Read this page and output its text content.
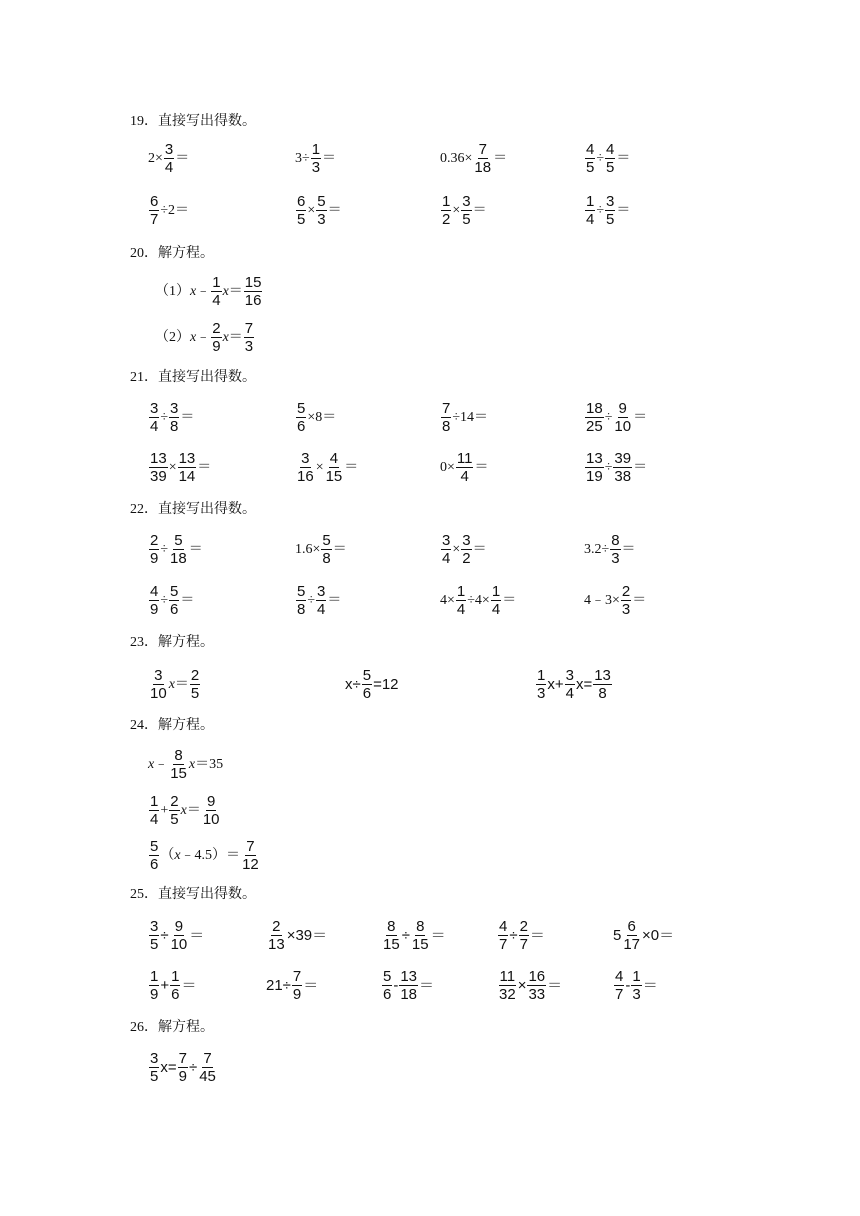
19．直接写出得数。
$2\times \frac{3}{4}$ ＝	$3\div \frac{1}{3}$ ＝	$0.36\times \frac{7}{18}$ ＝	$\frac{4}{5} \div \frac{4}{5}$ ＝
$\frac{6}{7} \div 2=$	$\frac{6}{5} \times \frac{5}{3}$ ＝	$\frac{1}{2} \times \frac{3}{5}$ ＝	$\frac{1}{4} \div \frac{3}{5}$ ＝
20．解方程。
（1） x ﹣ $\frac{1}{4}$ $x = \frac{15}{16}$
（2） x ﹣ $\frac{2}{9}$ $x = \frac{7}{3}$
21．直接写出得数。
$\frac{3}{4} \div \frac{3}{8}$ ＝	$\frac{5}{6} \times 8=$	$\frac{7}{8} \div 14=$	$\frac{18}{25} \div \frac{9}{10}$ ＝
$\frac{13}{39} \times \frac{13}{14}$ ＝	$\frac{3}{16} \times \frac{4}{15}$ ＝	$0\times \frac{11}{4}$ ＝	$\frac{13}{19} \div \frac{39}{38}$ ＝
22．直接写出得数。
$\frac{2}{9} \div \frac{5}{18}$ ＝	$1.6\times \frac{5}{8}$ ＝	$\frac{3}{4} \times \frac{3}{2}$ ＝	$3.2\div \frac{8}{3}$ ＝
$\frac{4}{9} \div \frac{5}{6}$ ＝	$\frac{5}{8} \div \frac{3}{4}$ ＝	$4\times \frac{1}{4} \div 4\times \frac{1}{4}$ ＝	4﹣3× $\frac{2}{3}$ ＝
23．解方程。
$\frac{3}{10}$ $x = \frac{2}{5}$	$x\div \frac{5}{6} =12$	$\frac{1}{3} x+ \frac{3}{4} x= \frac{13}{8}$
24．解方程。
x ﹣ $\frac{8}{15}$ x ＝35
$\frac{1}{4} + \frac{2}{5}$ $x = \frac{9}{10}$
$\frac{5}{6}$ （ x ﹣4.5）＝ $\frac{7}{12}$
25．直接写出得数。
$\frac{3}{5} \div \frac{9}{10}$ ＝	$\frac{2}{13} \times 39=$	$\frac{8}{15} \div \frac{8}{15}$ ＝	$\frac{4}{7} \div \frac{2}{7}$ ＝	$5 \frac{6}{17} \times 0=$
$\frac{1}{9} + \frac{1}{6}$ ＝	$21\div \frac{7}{9}$ ＝	$\frac{5}{6} - \frac{13}{18}$ ＝	$\frac{11}{32} \times \frac{16}{33}$ ＝	$\frac{4}{7} - \frac{1}{3}$ ＝
26．解方程。
$\frac{3}{5} x= \frac{7}{9} \div \frac{7}{45}$
